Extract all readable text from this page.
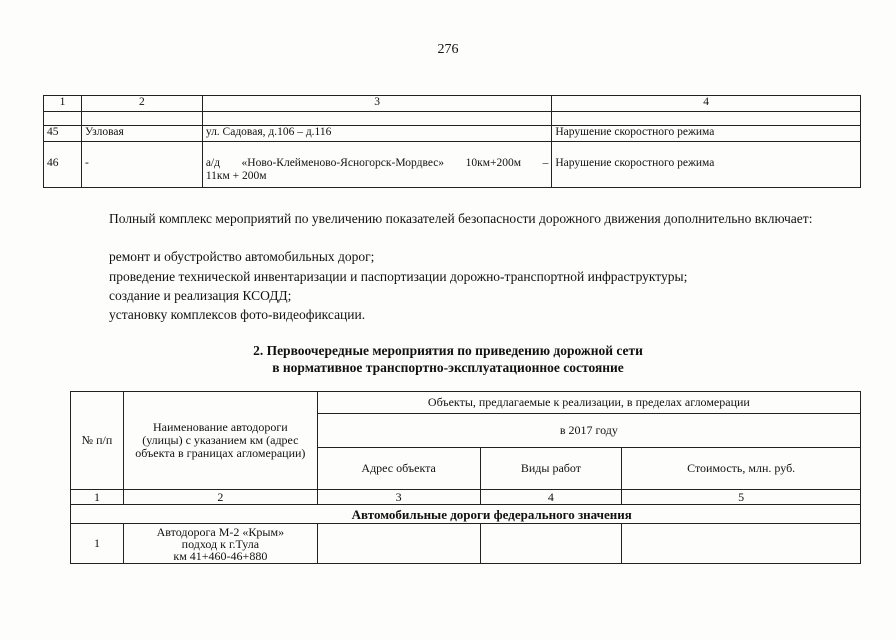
276
1	2	3	4

45	Узловая	ул. Садовая, д.106 – д.116	Нарушение скоростного режима
46	-	а/д «Ново-Клейменово-Ясногорск-Мордвес» 10км+200м –
11км + 200м	Нарушение скоростного режима
Полный комплекс мероприятий по увеличению показателей безопасности дорожного движения дополнительно включает:
ремонт и обустройство автомобильных дорог;
проведение технической инвентаризации и паспортизации дорожно-транспортной инфраструктуры;
создание и реализация КСОДД;
установку комплексов фото-видеофиксации.
2. Первоочередные мероприятия по приведению дорожной сети
в нормативное транспортно-эксплуатационное состояние
№ п/п	Наименование автодороги (улицы) с указанием км (адрес объекта в границах агломерации)	Объекты, предлагаемые к реализации, в пределах агломерации		
		в 2017 году		
		Адрес объекта	Виды работ	Стоимость, млн. руб.
1	2	3	4	5
	Автомобильные дороги федерального значения			
1	Автодорога М-2 «Крым»
подход к г.Тула
км 41+460-46+880			
